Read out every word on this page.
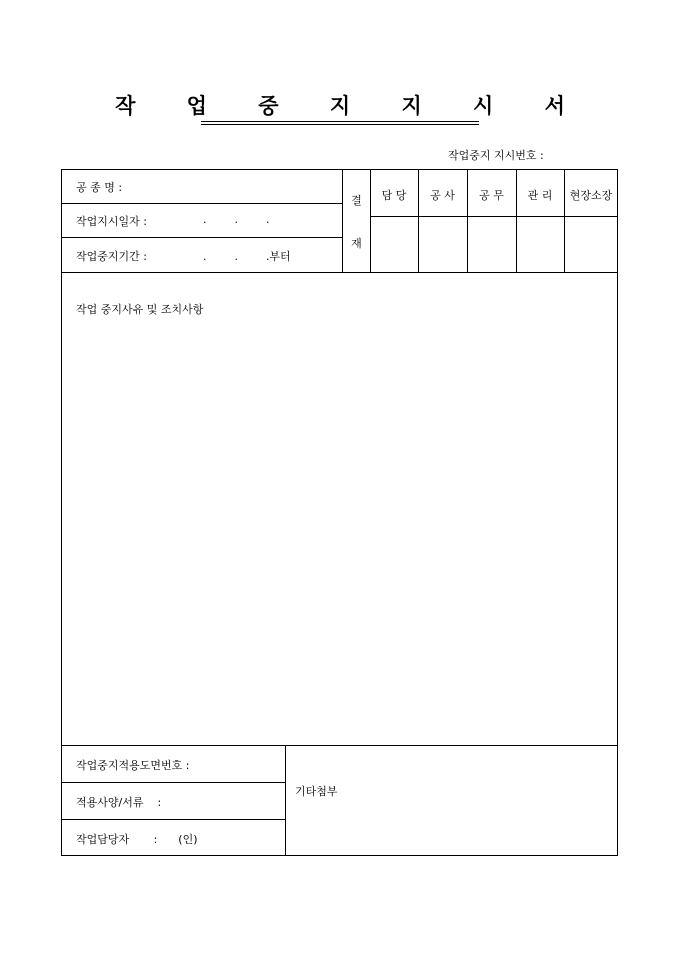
작 업 중 지 지 시 서
작업중지 지시번호 :
공 종 명 :
작업지시일자 :	.        .        .
작업중지기간 :	.        .        .부터
결
재
담 당	공 사	공 무	관 리	현장소장
작업 중지사유 및 조치사항
작업중지적용도면번호 :
적용사양/서류    :
작업담당자       :      (인)
기타첨부
